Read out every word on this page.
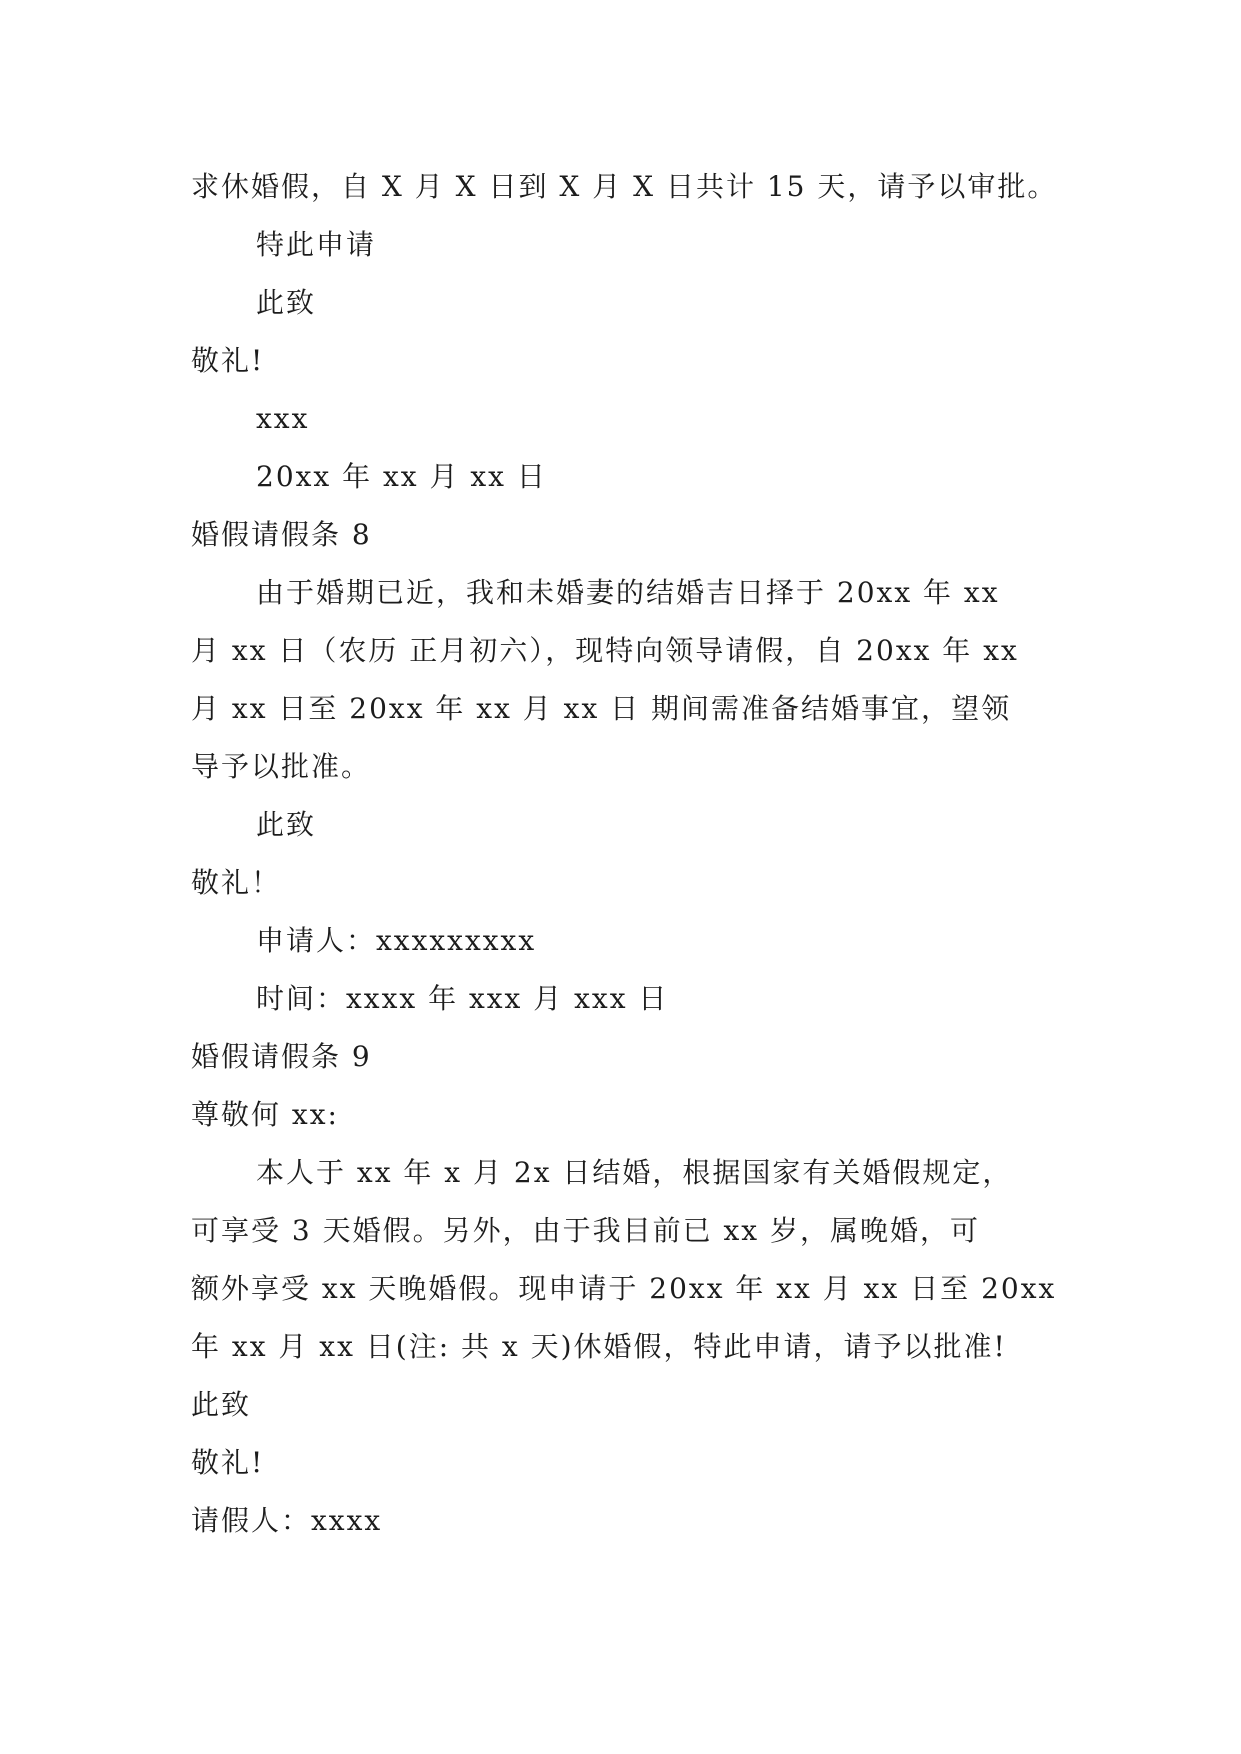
求休婚假，自 X 月 X 日到 X 月 X 日共计 15 天，请予以审批。
特此申请
此致
敬礼!
xxx
20xx 年 xx 月 xx 日
婚假请假条 8
由于婚期已近，我和未婚妻的结婚吉日择于 20xx 年 xx
月 xx 日（农历 正月初六），现特向领导请假，自 20xx 年 xx
月 xx 日至 20xx 年 xx 月 xx 日 期间需准备结婚事宜，望领
导予以批准。
此致
敬礼！
申请人：xxxxxxxxx
时间：xxxx 年 xxx 月 xxx 日
婚假请假条 9
尊敬何 xx:
本人于 xx 年 x 月 2x 日结婚，根据国家有关婚假规定，
可享受 3 天婚假。另外，由于我目前已 xx 岁，属晚婚，可
额外享受 xx 天晚婚假。现申请于 20xx 年 xx 月 xx 日至 20xx
年 xx 月 xx 日(注: 共 x 天)休婚假，特此申请，请予以批准!
此致
敬礼!
请假人：xxxx
